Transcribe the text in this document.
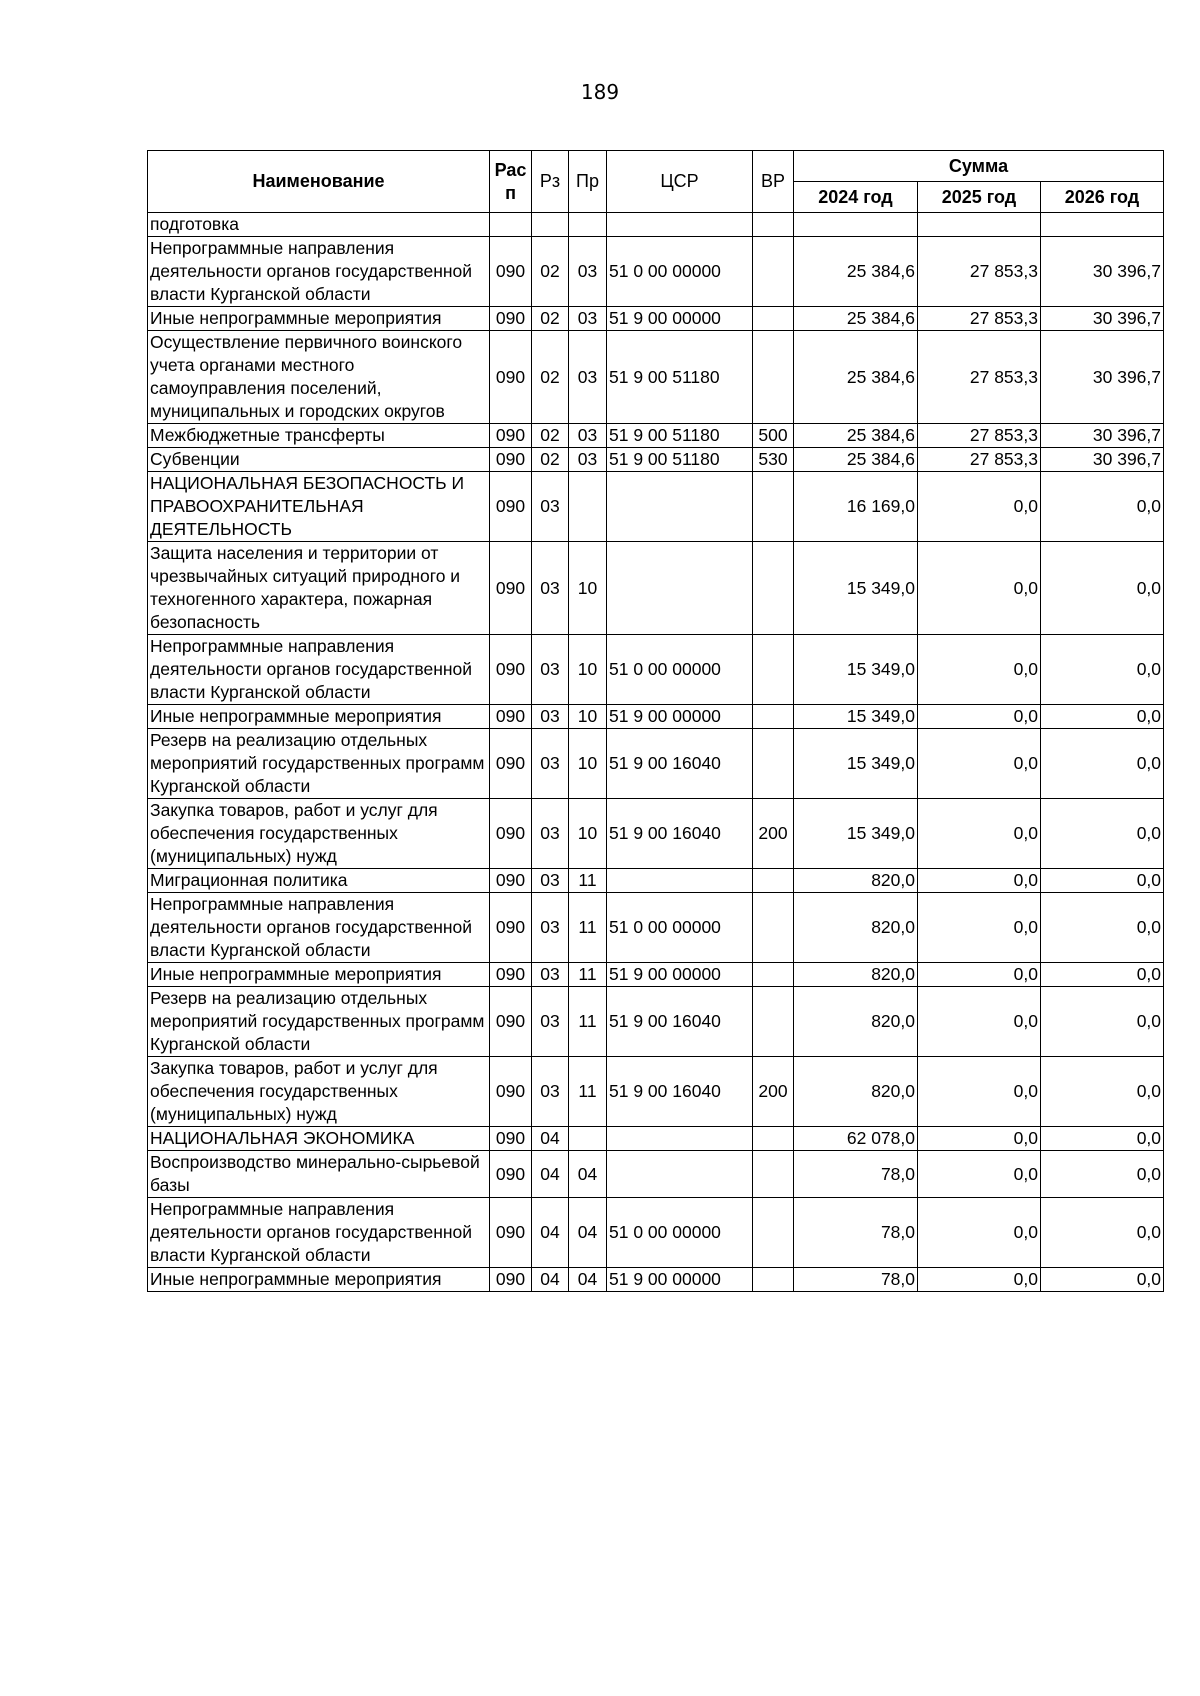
189
Наименование	Рас п	Рз	Пр	ЦСР	ВР	Сумма		
						2024 год	2025 год	2026 год
подготовка								
Непрограммные направления деятельности органов государственной власти Курганской области	090	02	03	51 0 00 00000		25 384,6	27 853,3	30 396,7
Иные непрограммные мероприятия	090	02	03	51 9 00 00000		25 384,6	27 853,3	30 396,7
Осуществление первичного воинского учета органами местного самоуправления поселений, муниципальных и городских округов	090	02	03	51 9 00 51180		25 384,6	27 853,3	30 396,7
Межбюджетные трансферты	090	02	03	51 9 00 51180	500	25 384,6	27 853,3	30 396,7
Субвенции	090	02	03	51 9 00 51180	530	25 384,6	27 853,3	30 396,7
НАЦИОНАЛЬНАЯ БЕЗОПАСНОСТЬ И ПРАВООХРАНИТЕЛЬНАЯ ДЕЯТЕЛЬНОСТЬ	090	03				16 169,0	0,0	0,0
Защита населения и территории от чрезвычайных ситуаций природного и техногенного характера, пожарная безопасность	090	03	10			15 349,0	0,0	0,0
Непрограммные направления деятельности органов государственной власти Курганской области	090	03	10	51 0 00 00000		15 349,0	0,0	0,0
Иные непрограммные мероприятия	090	03	10	51 9 00 00000		15 349,0	0,0	0,0
Резерв на реализацию отдельных мероприятий государственных программ Курганской области	090	03	10	51 9 00 16040		15 349,0	0,0	0,0
Закупка товаров, работ и услуг для обеспечения государственных (муниципальных) нужд	090	03	10	51 9 00 16040	200	15 349,0	0,0	0,0
Миграционная политика	090	03	11			820,0	0,0	0,0
Непрограммные направления деятельности органов государственной власти Курганской области	090	03	11	51 0 00 00000		820,0	0,0	0,0
Иные непрограммные мероприятия	090	03	11	51 9 00 00000		820,0	0,0	0,0
Резерв на реализацию отдельных мероприятий государственных программ Курганской области	090	03	11	51 9 00 16040		820,0	0,0	0,0
Закупка товаров, работ и услуг для обеспечения государственных (муниципальных) нужд	090	03	11	51 9 00 16040	200	820,0	0,0	0,0
НАЦИОНАЛЬНАЯ ЭКОНОМИКА	090	04				62 078,0	0,0	0,0
Воспроизводство минерально-сырьевой базы	090	04	04			78,0	0,0	0,0
Непрограммные направления деятельности органов государственной власти Курганской области	090	04	04	51 0 00 00000		78,0	0,0	0,0
Иные непрограммные мероприятия	090	04	04	51 9 00 00000		78,0	0,0	0,0
